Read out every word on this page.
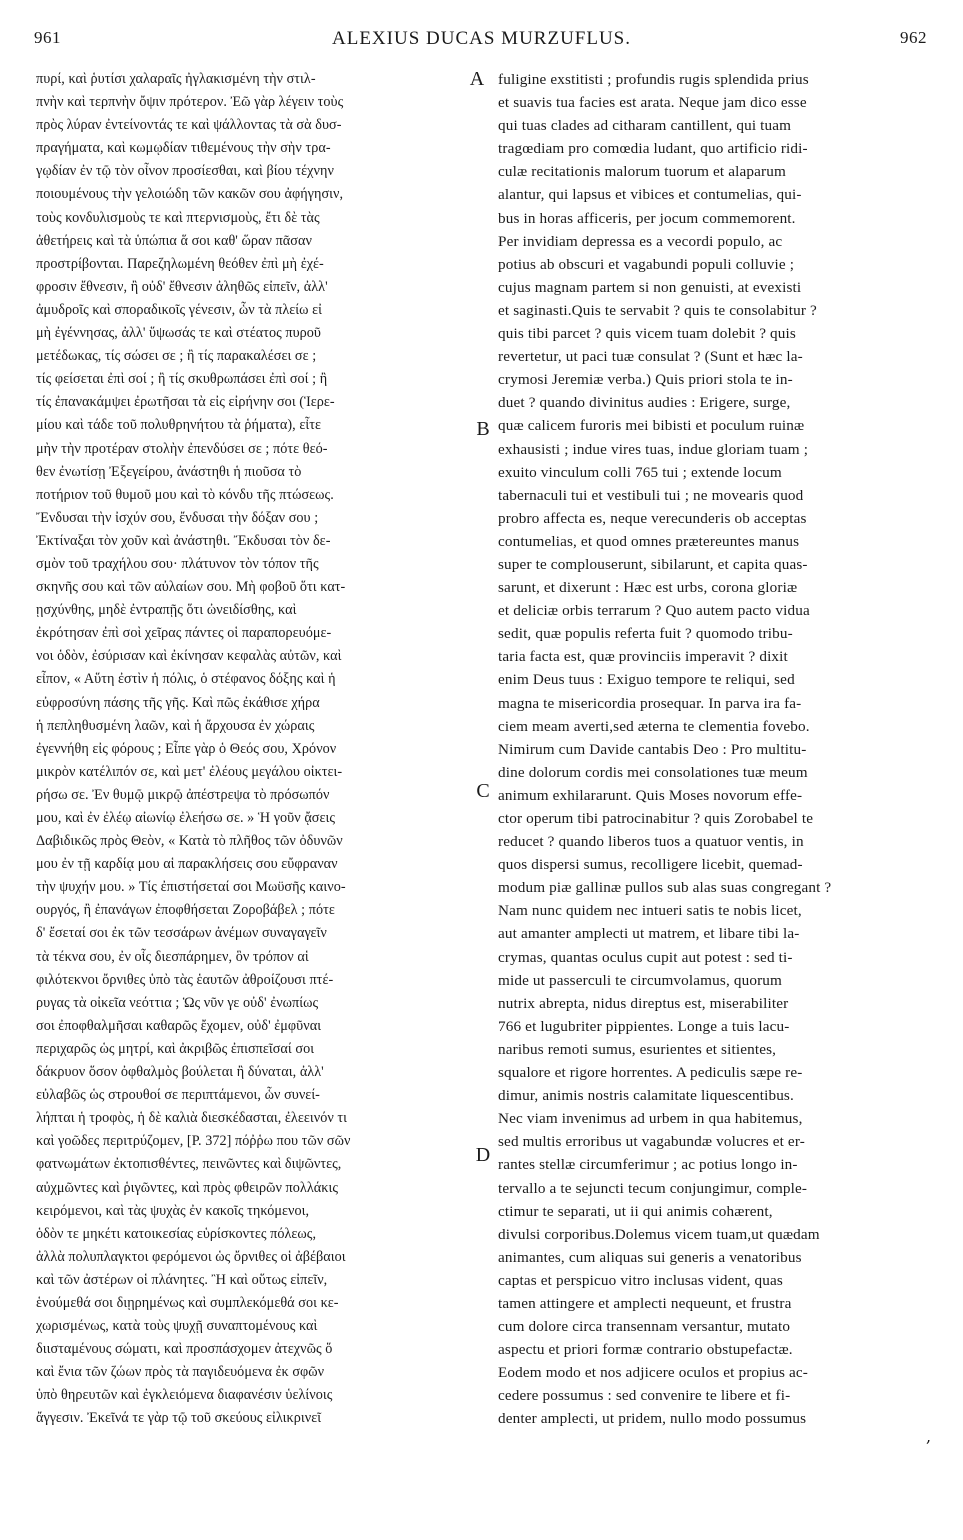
961	ALEXIUS DUCAS MURZUFLUS.	962
πυρί, καὶ ῥυτίσι χαλαραῖς ἠγλακισμένη τὴν στιλ-
πνὴν καὶ τερπνὴν ὄψιν πρότερον. Ἐῶ γὰρ λέγειν τοὺς
πρὸς λύραν ἐντείνοντάς τε καὶ ψάλλοντας τὰ σὰ δυσ-
πραγήματα, καὶ κωμῳδίαν τιθεμένους τὴν σὴν τρα-
γῳδίαν ἐν τῷ τὸν οἶνον προσίεσθαι, καὶ βίου τέχνην
ποιουμένους τὴν γελοιώδη τῶν κακῶν σου ἀφήγησιν,
τοὺς κονδυλισμοὺς τε καὶ πτερνισμοὺς, ἔτι δὲ τὰς
ἀθετήρεις καὶ τὰ ὑπώπια ἅ σοι καθ' ὥραν πᾶσαν
προστρίβονται. Παρεζηλωμένη θεόθεν ἐπὶ μὴ ἐχέ-
φροσιν ἔθνεσιν, ἢ οὐδ' ἔθνεσιν ἀληθῶς εἰπεῖν, ἀλλ'
ἀμυδροῖς καὶ σποραδικοῖς γένεσιν, ὧν τὰ πλείω εἰ
μὴ ἐγέννησας, ἀλλ' ὕψωσάς τε καὶ στέατος πυροῦ
μετέδωκας, τίς σώσει σε ; ἢ τίς παρακαλέσει σε ;
τίς φείσεται ἐπὶ σοί ; ἢ τίς σκυθρωπάσει ἐπὶ σοί ; ἢ
τίς ἐπανακάμψει ἐρωτῆσαι τὰ εἰς εἰρήνην σοι (Ἱερε-
μίου καὶ τάδε τοῦ πολυθρηνήτου τὰ ῥήματα), εἶτε
μὴν τὴν προτέραν στολὴν ἐπενδύσει σε ; πότε θεό-
θεν ἐνωτίσῃ Ἐξεγείρου, ἀνάστηθι ἡ πιοῦσα τὸ
ποτήριον τοῦ θυμοῦ μου καὶ τὸ κόνδυ τῆς πτώσεως.
Ἔνδυσαι τὴν ἰσχύν σου, ἔνδυσαι τὴν δόξαν σου ;
Ἐκτίναξαι τὸν χοῦν καὶ ἀνάστηθι. Ἔκδυσαι τὸν δε-
σμὸν τοῦ τραχήλου σου· πλάτυνον τὸν τόπον τῆς
σκηνῆς σου καὶ τῶν αὐλαίων σου. Μὴ φοβοῦ ὅτι κατ-
ῃσχύνθης, μηδὲ ἐντραπῇς ὅτι ὠνειδίσθης, καὶ
ἐκρότησαν ἐπὶ σοὶ χεῖρας πάντες οἱ παραπορευόμε-
νοι ὁδὸν, ἐσύρισαν καὶ ἐκίνησαν κεφαλὰς αὐτῶν, καὶ
εἶπον, « Αὕτη ἐστὶν ἡ πόλις, ὁ στέφανος δόξης καὶ ἡ
εὐφροσύνη πάσης τῆς γῆς. Καὶ πῶς ἐκάθισε χήρα
ἡ πεπληθυσμένη λαῶν, καὶ ἡ ἄρχουσα ἐν χώραις
ἐγεννήθη εἰς φόρους ; Εἶπε γὰρ ὁ Θεός σου, Χρόνον
μικρὸν κατέλιπόν σε, καὶ μετ' ἐλέους μεγάλου οἰκτει-
ρήσω σε. Ἐν θυμῷ μικρῷ ἀπέστρεψα τὸ πρόσωπόν
μου, καὶ ἐν ἐλέῳ αἰωνίῳ ἐλεήσω σε. » Ἡ γοῦν ᾄσεις
Δαβιδικῶς πρὸς Θεὸν, « Κατὰ τὸ πλῆθος τῶν ὀδυνῶν
μου ἐν τῇ καρδίᾳ μου αἱ παρακλήσεις σου εὔφραναν
τὴν ψυχήν μου. » Τίς ἐπιστήσεταί σοι Μωϋσῆς καινο-
ουργός, ἢ ἐπανάγων ἐποφθήσεται Ζοροβάβελ ; πότε
δ' ἔσεταί σοι ἐκ τῶν τεσσάρων ἀνέμων συναγαγεῖν
τὰ τέκνα σου, ἐν οἷς διεσπάρημεν, ὃν τρόπον αἱ
φιλότεκνοι ὄρνιθες ὑπὸ τὰς ἑαυτῶν ἀθροίζουσι πτέ-
ρυγας τὰ οἰκεῖα νεόττια ; Ὡς νῦν γε οὐδ' ἐνωπίως
σοι ἐποφθαλμῆσαι καθαρῶς ἔχομεν, οὐδ' ἐμφῦναι
περιχαρῶς ὡς μητρί, καὶ ἀκριβῶς ἐπισπεῖσαί σοι
δάκρυον ὅσον ὀφθαλμὸς βούλεται ἢ δύναται, ἀλλ'
εὐλαβῶς ὡς στρουθοί σε περιπτάμενοι, ὧν συνεί-
λήπται ἡ τροφὸς, ἡ δὲ καλιὰ διεσκέδασται, ἐλεεινόν τι
καὶ γοῶδες περιτρύζομεν, [P. 372] πόῤῥω που τῶν σῶν
φατνωμάτων ἐκτοπισθέντες, πεινῶντες καὶ διψῶντες,
αὐχμῶντες καὶ ῥιγῶντες, καὶ πρὸς φθειρῶν πολλάκις
κειρόμενοι, καὶ τὰς ψυχὰς ἐν κακοῖς τηκόμενοι,
ὁδὸν τε μηκέτι κατοικεσίας εὑρίσκοντες πόλεως,
ἀλλὰ πολυπλαγκτοι φερόμενοι ὡς ὄρνιθες οἱ ἀβέβαιοι
καὶ τῶν ἀστέρων οἱ πλάνητες. Ἢ καὶ οὕτως εἰπεῖν,
ἑνούμεθά σοι διῃρημένως καὶ συμπλεκόμεθά σοι κε-
χωρισμένως, κατὰ τοὺς ψυχῇ συναπτομένους καὶ
διισταμένους σώματι, καὶ προσπάσχομεν ἀτεχνῶς ὅ
καὶ ἔνια τῶν ζώων πρὸς τὰ παγιδευόμενα ἐκ σφῶν
ὑπὸ θηρευτῶν καὶ ἐγκλειόμενα διαφανέσιν ὑελίνοις
ἄγγεσιν. Ἐκεῖνά τε γὰρ τῷ τοῦ σκεύους εἰλικρινεῖ
fuligine exstitisti ; profundis rugis splendida prius
et suavis tua facies est arata. Neque jam dico esse
qui tuas clades ad citharam cantillent, qui tuam
tragœdiam pro comœdia ludant, quo artificio ridi-
culæ recitationis malorum tuorum et alaparum
alantur, qui lapsus et vibices et contumelias, qui-
bus in horas afficeris, per jocum commemorent.
Per invidiam depressa es a vecordi populo, ac
potius ab obscuri et vagabundi populi colluvie ;
cujus magnam partem si non genuisti, at evexisti
et saginasti.Quis te servabit ? quis te consolabitur ?
quis tibi parcet ? quis vicem tuam dolebit ? quis
revertetur, ut paci tuæ consulat ? (Sunt et hæc la-
crymosi Jeremiæ verba.) Quis priori stola te in-
duet ? quando divinitus audies : Erigere, surge,
quæ calicem furoris mei bibisti et poculum ruinæ
exhausisti ; indue vires tuas, indue gloriam tuam ;
exuito vinculum colli 765 tui ; extende locum
tabernaculi tui et vestibuli tui ; ne movearis quod
probro affecta es, neque verecunderis ob acceptas
contumelias, et quod omnes prætereuntes manus
super te complouserunt, sibilarunt, et capita quas-
sarunt, et dixerunt : Hæc est urbs, corona gloriæ
et deliciæ orbis terrarum ? Quo autem pacto vidua
sedit, quæ populis referta fuit ? quomodo tribu-
taria facta est, quæ provinciis imperavit ? dixit
enim Deus tuus : Exiguo tempore te reliqui, sed
magna te misericordia prosequar. In parva ira fa-
ciem meam averti,sed æterna te clementia fovebo.
Nimirum cum Davide cantabis Deo : Pro multitu-
dine dolorum cordis mei consolationes tuæ meum
animum exhilararunt. Quis Moses novorum effe-
ctor operum tibi patrocinabitur ? quis Zorobabel te
reducet ? quando liberos tuos a quatuor ventis, in
quos dispersi sumus, recolligere licebit, quemad-
modum piæ gallinæ pullos sub alas suas congregant ?
Nam nunc quidem nec intueri satis te nobis licet,
aut amanter amplecti ut matrem, et libare tibi la-
crymas, quantas oculus cupit aut potest : sed ti-
mide ut passerculi te circumvolamus, quorum
nutrix abrepta, nidus direptus est, miserabiliter
766 et lugubriter pippientes. Longe a tuis lacu-
naribus remoti sumus, esurientes et sitientes,
squalore et rigore horrentes. A pediculis sæpe re-
dimur, animis nostris calamitate liquescentibus.
Nec viam invenimus ad urbem in qua habitemus,
sed multis erroribus ut vagabundæ volucres et er-
rantes stellæ circumferimur ; ac potius longo in-
tervallo a te sejuncti tecum conjungimur, comple-
ctimur te separati, ut ii qui animis cohærent,
divulsi corporibus.Dolemus vicem tuam,ut quædam
animantes, cum aliquas sui generis a venatoribus
captas et perspicuo vitro inclusas vident, quas
tamen attingere et amplecti nequeunt, et frustra
cum dolore circa transennam versantur, mutato
aspectu et priori formæ contrario obstupefactæ.
Eodem modo et nos adjicere oculos et propius ac-
cedere possumus : sed convenire te libere et fi-
denter amplecti, ut pridem, nullo modo possumus
A
B
C
D
,
